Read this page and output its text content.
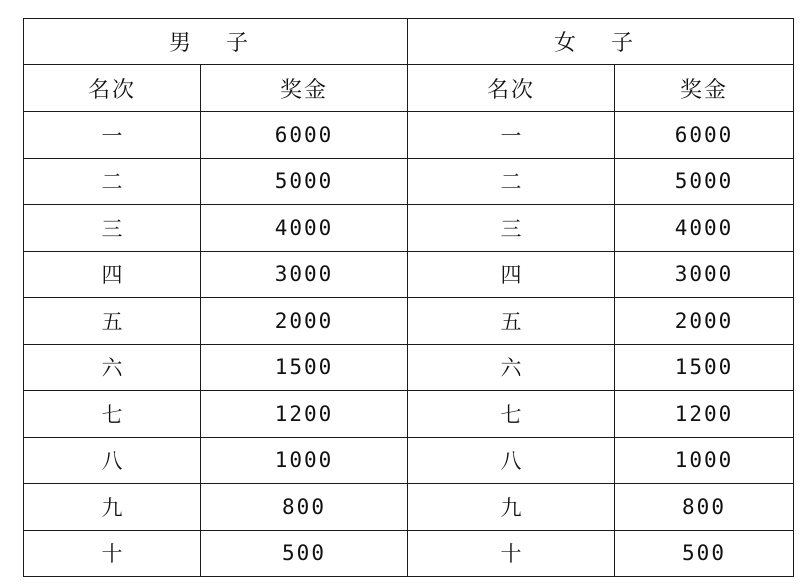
男 子		女 子	
名次	奖金	名次	奖金
一	6000	一	6000
二	5000	二	5000
三	4000	三	4000
四	3000	四	3000
五	2000	五	2000
六	1500	六	1500
七	1200	七	1200
八	1000	八	1000
九	800	九	800
十	500	十	500
